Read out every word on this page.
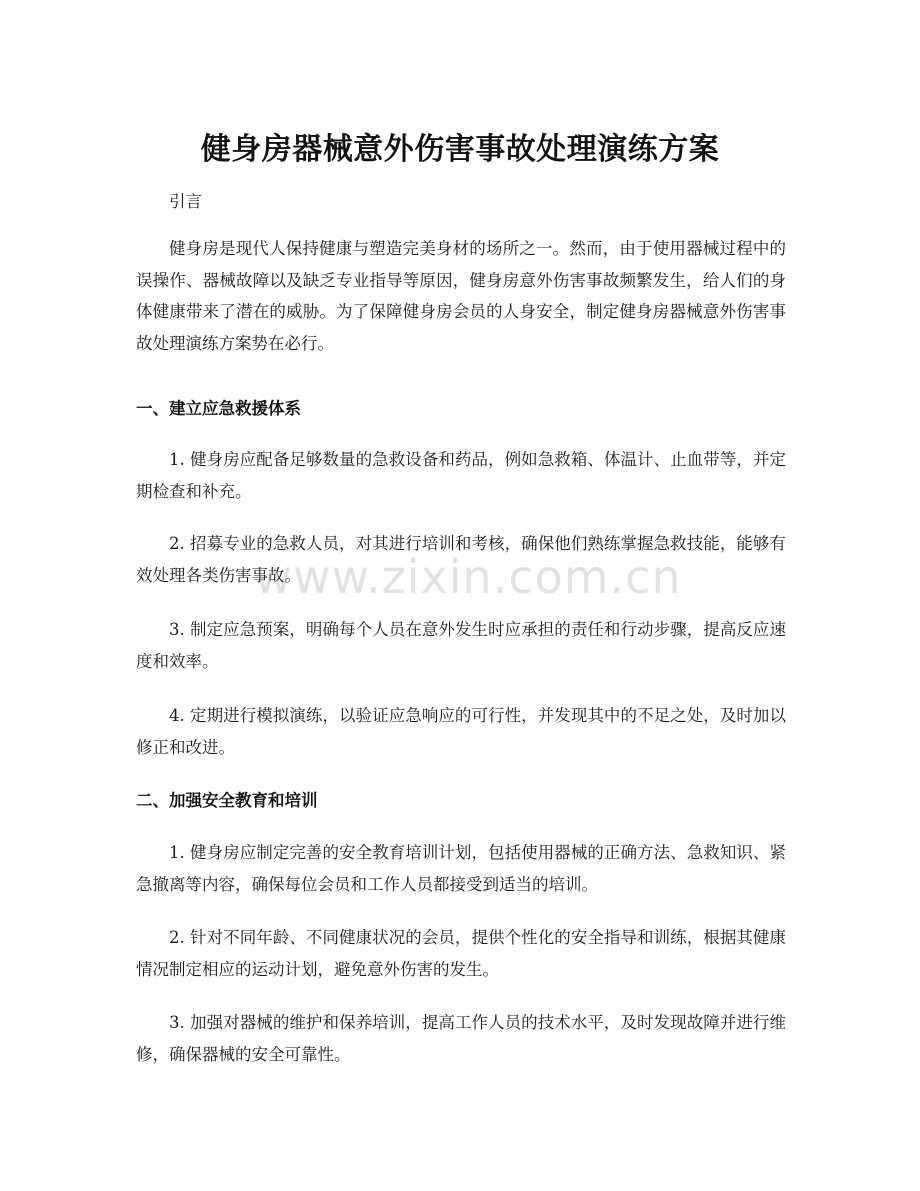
健身房器械意外伤害事故处理演练方案

引言

健身房是现代人保持健康与塑造完美身材的场所之一。然而，由于使用器械过程中的误操作、器械故障以及缺乏专业指导等原因，健身房意外伤害事故频繁发生，给人们的身体健康带来了潜在的威胁。为了保障健身房会员的人身安全，制定健身房器械意外伤害事故处理演练方案势在必行。

一、建立应急救援体系

1. 健身房应配备足够数量的急救设备和药品，例如急救箱、体温计、止血带等，并定期检查和补充。

2. 招募专业的急救人员，对其进行培训和考核，确保他们熟练掌握急救技能，能够有效处理各类伤害事故。

3. 制定应急预案，明确每个人员在意外发生时应承担的责任和行动步骤，提高反应速度和效率。

4. 定期进行模拟演练，以验证应急响应的可行性，并发现其中的不足之处，及时加以修正和改进。

二、加强安全教育和培训

1. 健身房应制定完善的安全教育培训计划，包括使用器械的正确方法、急救知识、紧急撤离等内容，确保每位会员和工作人员都接受到适当的培训。

2. 针对不同年龄、不同健康状况的会员，提供个性化的安全指导和训练，根据其健康情况制定相应的运动计划，避免意外伤害的发生。

3. 加强对器械的维护和保养培训，提高工作人员的技术水平，及时发现故障并进行维修，确保器械的安全可靠性。

www.zixin.com.cn
